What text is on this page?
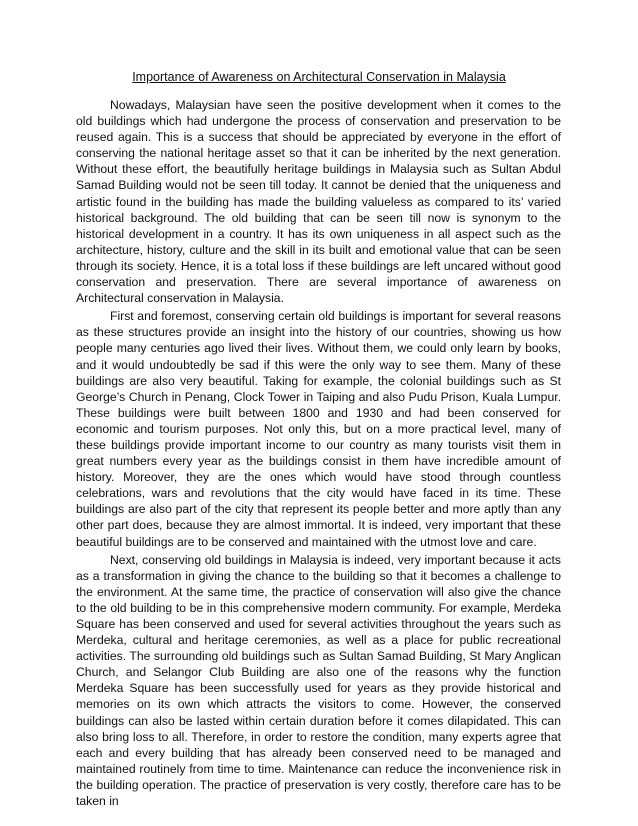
Importance of Awareness on Architectural Conservation in Malaysia

Nowadays, Malaysian have seen the positive development when it comes to the old buildings which had undergone the process of conservation and preservation to be reused again. This is a success that should be appreciated by everyone in the effort of conserving the national heritage asset so that it can be inherited by the next generation. Without these effort, the beautifully heritage buildings in Malaysia such as Sultan Abdul Samad Building would not be seen till today. It cannot be denied that the uniqueness and artistic found in the building has made the building valueless as compared to its’ varied historical background. The old building that can be seen till now is synonym to the historical development in a country. It has its own uniqueness in all aspect such as the architecture, history, culture and the skill in its built and emotional value that can be seen through its society. Hence, it is a total loss if these buildings are left uncared without good conservation and preservation. There are several importance of awareness on Architectural conservation in Malaysia.

First and foremost, conserving certain old buildings is important for several reasons as these structures provide an insight into the history of our countries, showing us how people many centuries ago lived their lives. Without them, we could only learn by books, and it would undoubtedly be sad if this were the only way to see them. Many of these buildings are also very beautiful. Taking for example, the colonial buildings such as St George’s Church in Penang, Clock Tower in Taiping and also Pudu Prison, Kuala Lumpur. These buildings were built between 1800 and 1930 and had been conserved for economic and tourism purposes. Not only this, but on a more practical level, many of these buildings provide important income to our country as many tourists visit them in great numbers every year as the buildings consist in them have incredible amount of history. Moreover, they are the ones which would have stood through countless celebrations, wars and revolutions that the city would have faced in its time. These buildings are also part of the city that represent its people better and more aptly than any other part does, because they are almost immortal. It is indeed, very important that these beautiful buildings are to be conserved and maintained with the utmost love and care.

Next, conserving old buildings in Malaysia is indeed, very important because it acts as a transformation in giving the chance to the building so that it becomes a challenge to the environment. At the same time, the practice of conservation will also give the chance to the old building to be in this comprehensive modern community. For example, Merdeka Square has been conserved and used for several activities throughout the years such as Merdeka, cultural and heritage ceremonies, as well as a place for public recreational activities. The surrounding old buildings such as Sultan Samad Building, St Mary Anglican Church, and Selangor Club Building are also one of the reasons why the function Merdeka Square has been successfully used for years as they provide historical and memories on its own which attracts the visitors to come. However, the conserved buildings can also be lasted within certain duration before it comes dilapidated. This can also bring loss to all. Therefore, in order to restore the condition, many experts agree that each and every building that has already been conserved need to be managed and maintained routinely from time to time. Maintenance can reduce the inconvenience risk in the building operation. The practice of preservation is very costly, therefore care has to be taken in
